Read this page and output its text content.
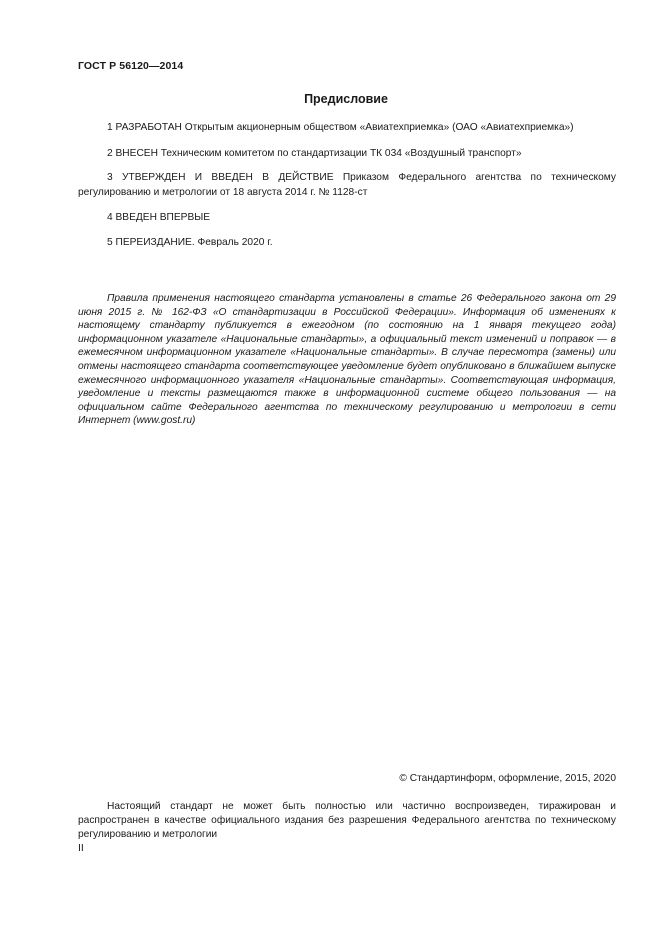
ГОСТ Р 56120—2014
Предисловие
1 РАЗРАБОТАН Открытым акционерным обществом «Авиатехприемка» (ОАО «Авиатехприемка»)
2 ВНЕСЕН Техническим комитетом по стандартизации ТК 034 «Воздушный транспорт»
3 УТВЕРЖДЕН И ВВЕДЕН В ДЕЙСТВИЕ Приказом Федерального агентства по техническому регулированию и метрологии от 18 августа 2014 г. № 1128-ст
4 ВВЕДЕН ВПЕРВЫЕ
5 ПЕРЕИЗДАНИЕ. Февраль 2020 г.
Правила применения настоящего стандарта установлены в статье 26 Федерального закона от 29 июня 2015 г. № 162-ФЗ «О стандартизации в Российской Федерации». Информация об изменениях к настоящему стандарту публикуется в ежегодном (по состоянию на 1 января текущего года) информационном указателе «Национальные стандарты», а официальный текст изменений и поправок — в ежемесячном информационном указателе «Национальные стандарты». В случае пересмотра (замены) или отмены настоящего стандарта соответствующее уведомление будет опубликовано в ближайшем выпуске ежемесячного информационного указателя «Национальные стандарты». Соответствующая информация, уведомление и тексты размещаются также в информационной системе общего пользования — на официальном сайте Федерального агентства по техническому регулированию и метрологии в сети Интернет (www.gost.ru)
© Стандартинформ, оформление, 2015, 2020
Настоящий стандарт не может быть полностью или частично воспроизведен, тиражирован и распространен в качестве официального издания без разрешения Федерального агентства по техническому регулированию и метрологии
II
